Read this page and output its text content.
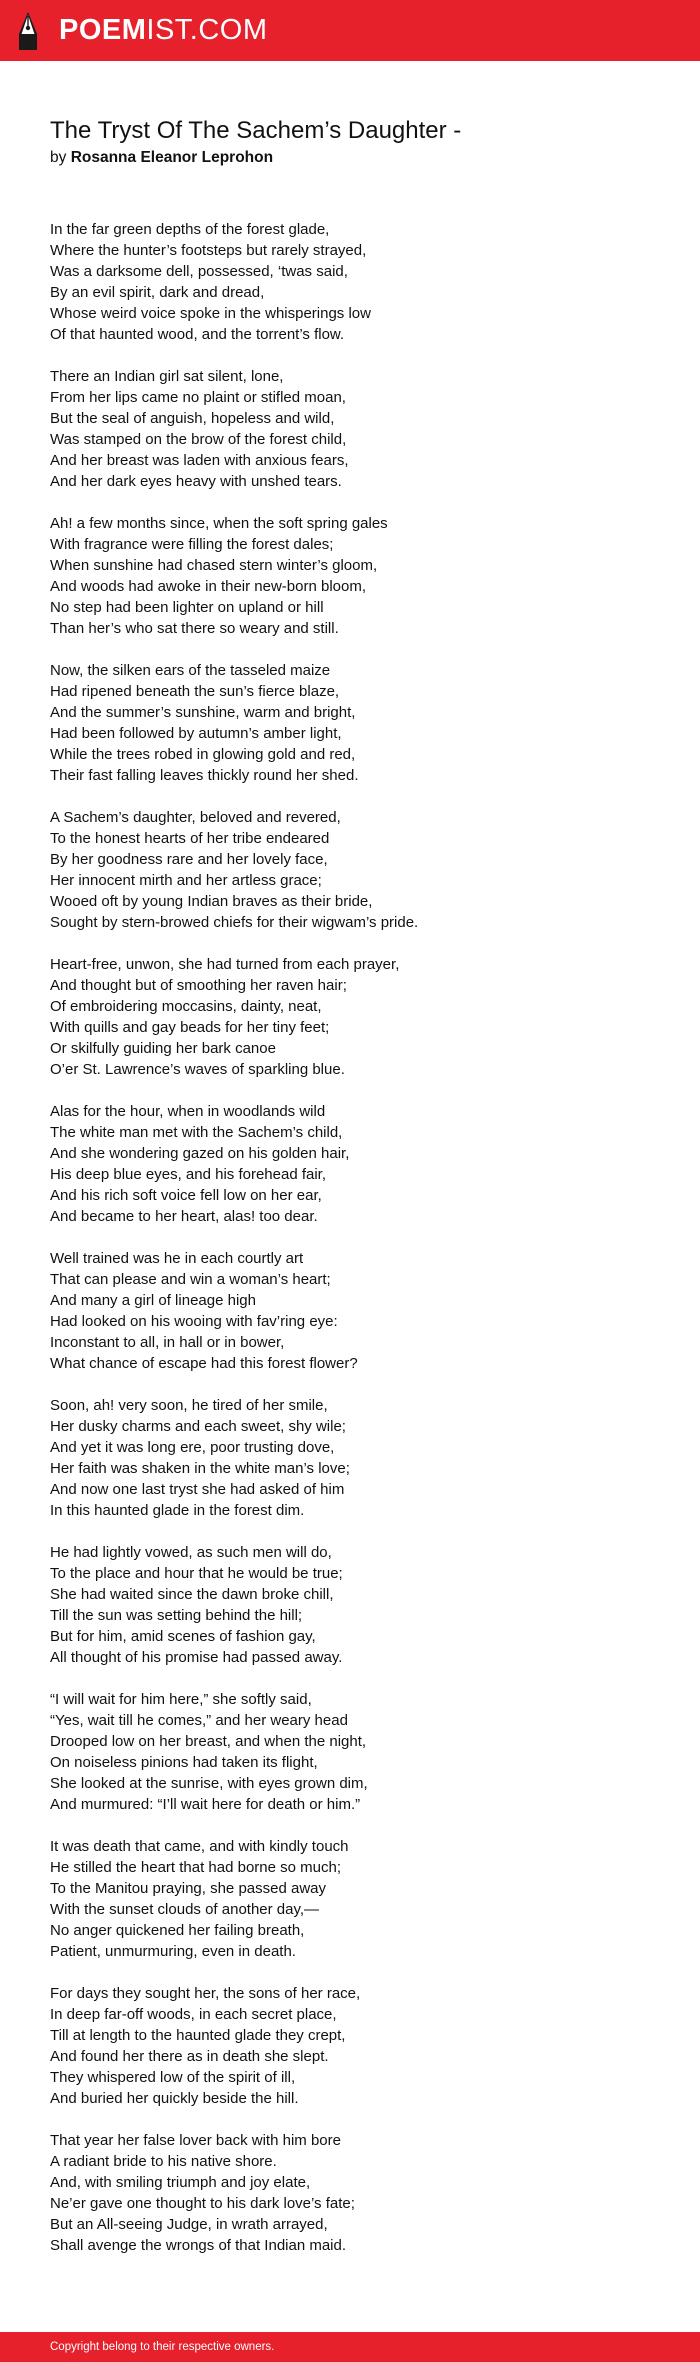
POEMIST.COM
The Tryst Of The Sachem’s Daughter -
by Rosanna Eleanor Leprohon
In the far green depths of the forest glade,
Where the hunter’s footsteps but rarely strayed,
Was a darksome dell, possessed, ‘twas said,
By an evil spirit, dark and dread,
Whose weird voice spoke in the whisperings low
Of that haunted wood, and the torrent’s flow.
There an Indian girl sat silent, lone,
From her lips came no plaint or stifled moan,
But the seal of anguish, hopeless and wild,
Was stamped on the brow of the forest child,
And her breast was laden with anxious fears,
And her dark eyes heavy with unshed tears.
Ah! a few months since, when the soft spring gales
With fragrance were filling the forest dales;
When sunshine had chased stern winter’s gloom,
And woods had awoke in their new-born bloom,
No step had been lighter on upland or hill
Than her’s who sat there so weary and still.
Now, the silken ears of the tasseled maize
Had ripened beneath the sun’s fierce blaze,
And the summer’s sunshine, warm and bright,
Had been followed by autumn’s amber light,
While the trees robed in glowing gold and red,
Their fast falling leaves thickly round her shed.
A Sachem’s daughter, beloved and revered,
To the honest hearts of her tribe endeared
By her goodness rare and her lovely face,
Her innocent mirth and her artless grace;
Wooed oft by young Indian braves as their bride,
Sought by stern-browed chiefs for their wigwam’s pride.
Heart-free, unwon, she had turned from each prayer,
And thought but of smoothing her raven hair;
Of embroidering moccasins, dainty, neat,
With quills and gay beads for her tiny feet;
Or skilfully guiding her bark canoe
O’er St. Lawrence’s waves of sparkling blue.
Alas for the hour, when in woodlands wild
The white man met with the Sachem’s child,
And she wondering gazed on his golden hair,
His deep blue eyes, and his forehead fair,
And his rich soft voice fell low on her ear,
And became to her heart, alas! too dear.
Well trained was he in each courtly art
That can please and win a woman’s heart;
And many a girl of lineage high
Had looked on his wooing with fav’ring eye:
Inconstant to all, in hall or in bower,
What chance of escape had this forest flower?
Soon, ah! very soon, he tired of her smile,
Her dusky charms and each sweet, shy wile;
And yet it was long ere, poor trusting dove,
Her faith was shaken in the white man’s love;
And now one last tryst she had asked of him
In this haunted glade in the forest dim.
He had lightly vowed, as such men will do,
To the place and hour that he would be true;
She had waited since the dawn broke chill,
Till the sun was setting behind the hill;
But for him, amid scenes of fashion gay,
All thought of his promise had passed away.
“I will wait for him here,” she softly said,
“Yes, wait till he comes,” and her weary head
Drooped low on her breast, and when the night,
On noiseless pinions had taken its flight,
She looked at the sunrise, with eyes grown dim,
And murmured: “I’ll wait here for death or him.”
It was death that came, and with kindly touch
He stilled the heart that had borne so much;
To the Manitou praying, she passed away
With the sunset clouds of another day,—
No anger quickened her failing breath,
Patient, unmurmuring, even in death.
For days they sought her, the sons of her race,
In deep far-off woods, in each secret place,
Till at length to the haunted glade they crept,
And found her there as in death she slept.
They whispered low of the spirit of ill,
And buried her quickly beside the hill.
That year her false lover back with him bore
A radiant bride to his native shore.
And, with smiling triumph and joy elate,
Ne’er gave one thought to his dark love’s fate;
But an All-seeing Judge, in wrath arrayed,
Shall avenge the wrongs of that Indian maid.
Copyright belong to their respective owners.
